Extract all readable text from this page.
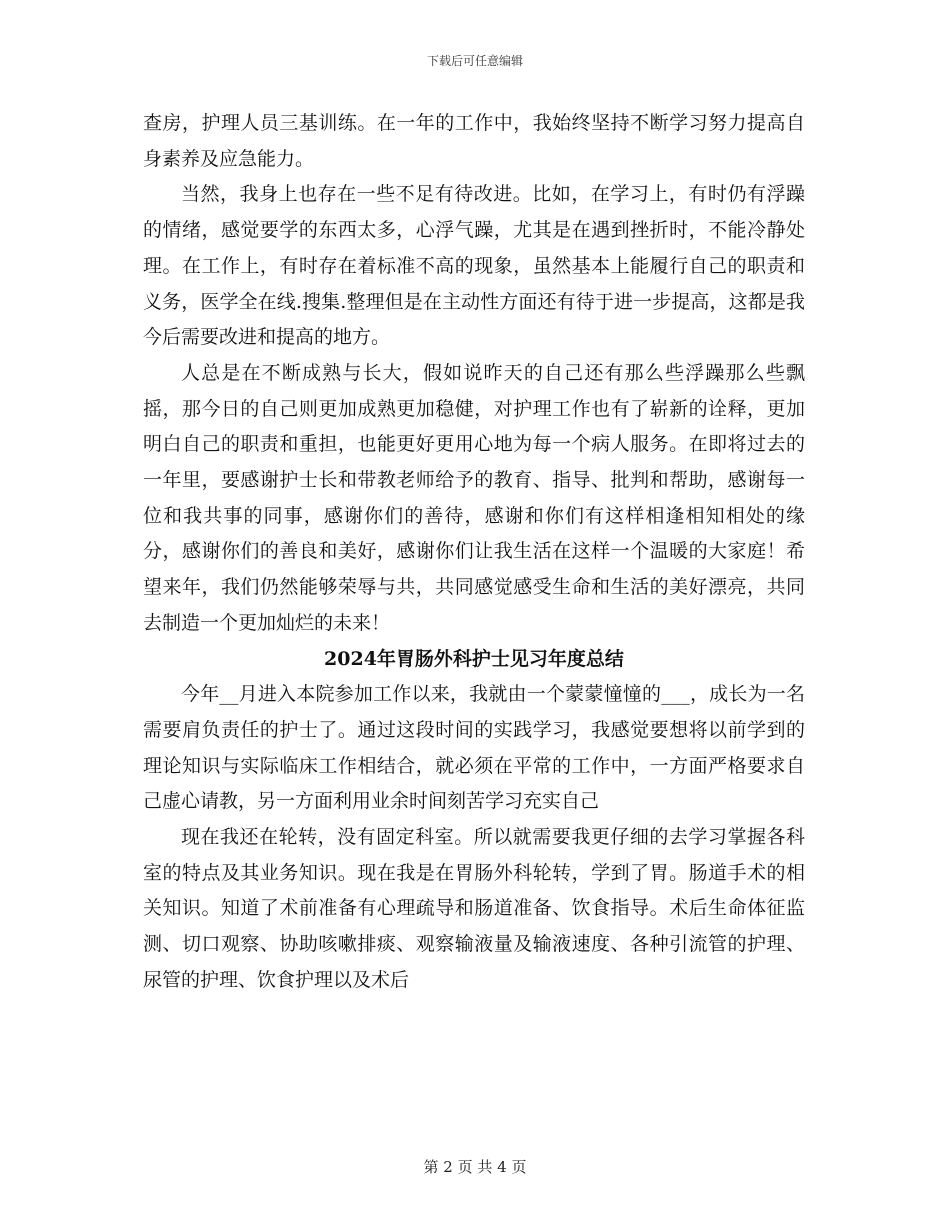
下载后可任意编辑

查房，护理人员三基训练。在一年的工作中，我始终坚持不断学习努力提高自身素养及应急能力。

当然，我身上也存在一些不足有待改进。比如，在学习上，有时仍有浮躁的情绪，感觉要学的东西太多，心浮气躁，尤其是在遇到挫折时，不能冷静处理。在工作上，有时存在着标准不高的现象，虽然基本上能履行自己的职责和义务，医学全在线.搜集.整理但是在主动性方面还有待于进一步提高，这都是我今后需要改进和提高的地方。

人总是在不断成熟与长大，假如说昨天的自己还有那么些浮躁那么些飘摇，那今日的自己则更加成熟更加稳健，对护理工作也有了崭新的诠释，更加明白自己的职责和重担，也能更好更用心地为每一个病人服务。在即将过去的一年里，要感谢护士长和带教老师给予的教育、指导、批判和帮助，感谢每一位和我共事的同事，感谢你们的善待，感谢和你们有这样相逢相知相处的缘分，感谢你们的善良和美好，感谢你们让我生活在这样一个温暖的大家庭！希望来年，我们仍然能够荣辱与共，共同感觉感受生命和生活的美好漂亮，共同去制造一个更加灿烂的未来！

2024年胃肠外科护士见习年度总结

今年__月进入本院参加工作以来，我就由一个蒙蒙憧憧的___，成长为一名需要肩负责任的护士了。通过这段时间的实践学习，我感觉要想将以前学到的理论知识与实际临床工作相结合，就必须在平常的工作中，一方面严格要求自己虚心请教，另一方面利用业余时间刻苦学习充实自己

现在我还在轮转，没有固定科室。所以就需要我更仔细的去学习掌握各科室的特点及其业务知识。现在我是在胃肠外科轮转，学到了胃。肠道手术的相关知识。知道了术前准备有心理疏导和肠道准备、饮食指导。术后生命体征监测、切口观察、协助咳嗽排痰、观察输液量及输液速度、各种引流管的护理、尿管的护理、饮食护理以及术后

第 2 页 共 4 页
